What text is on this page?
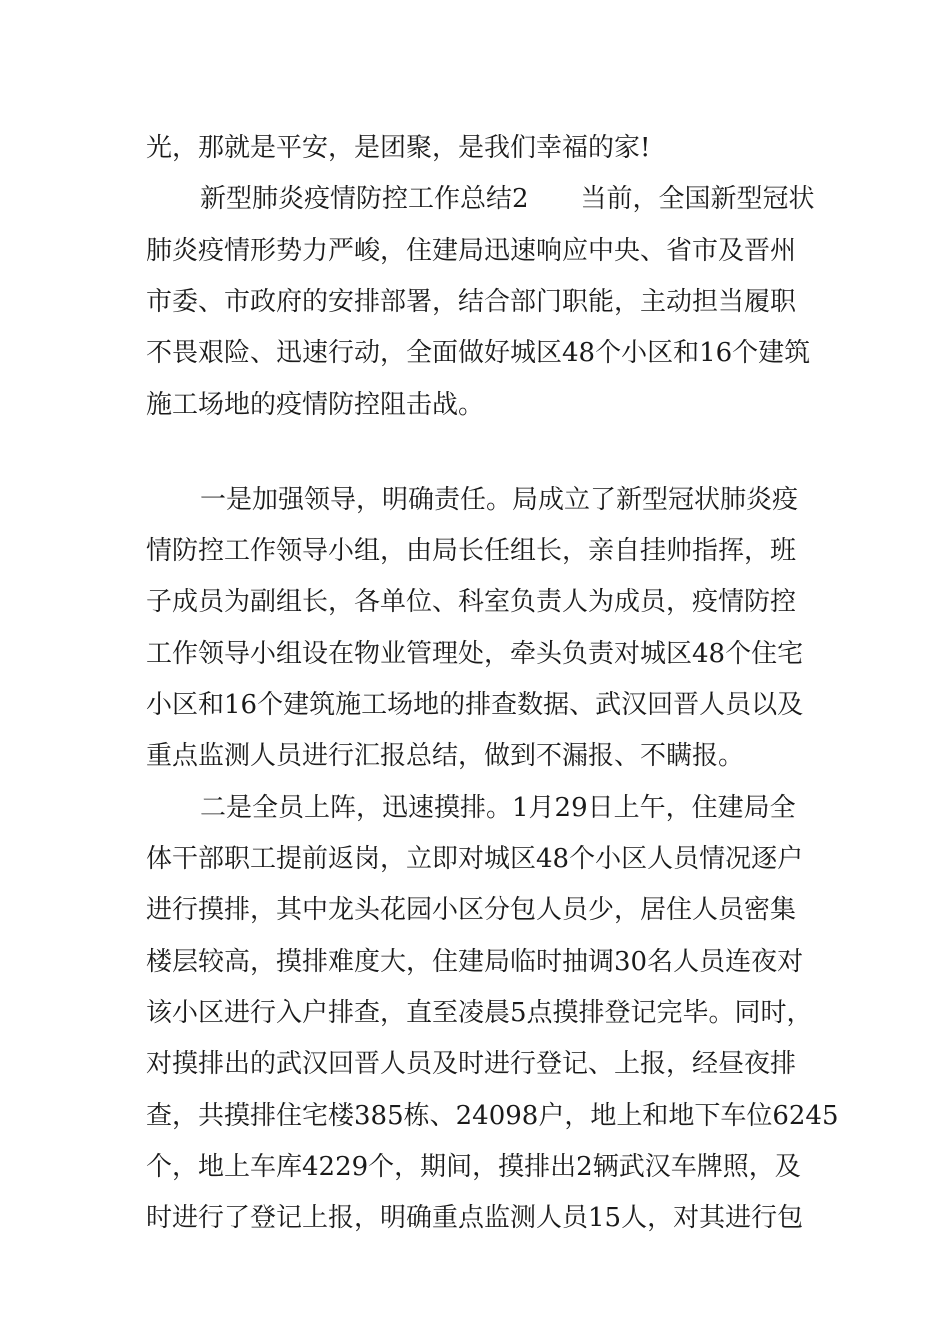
光，那就是平安，是团聚，是我们幸福的家!
新型肺炎疫情防控工作总结2　　当前，全国新型冠状
肺炎疫情形势力严峻，住建局迅速响应中央、省市及晋州
市委、市政府的安排部署，结合部门职能，主动担当履职
不畏艰险、迅速行动，全面做好城区48个小区和16个建筑
施工场地的疫情防控阻击战。
一是加强领导，明确责任。局成立了新型冠状肺炎疫
情防控工作领导小组，由局长任组长，亲自挂帅指挥，班
子成员为副组长，各单位、科室负责人为成员，疫情防控
工作领导小组设在物业管理处，牵头负责对城区48个住宅
小区和16个建筑施工场地的排查数据、武汉回晋人员以及
重点监测人员进行汇报总结，做到不漏报、不瞒报。
二是全员上阵，迅速摸排。1月29日上午，住建局全
体干部职工提前返岗，立即对城区48个小区人员情况逐户
进行摸排，其中龙头花园小区分包人员少，居住人员密集
楼层较高，摸排难度大，住建局临时抽调30名人员连夜对
该小区进行入户排查，直至凌晨5点摸排登记完毕。同时，
对摸排出的武汉回晋人员及时进行登记、上报，经昼夜排
查，共摸排住宅楼385栋、24098户，地上和地下车位6245
个，地上车库4229个，期间，摸排出2辆武汉车牌照，及
时进行了登记上报，明确重点监测人员15人，对其进行包
